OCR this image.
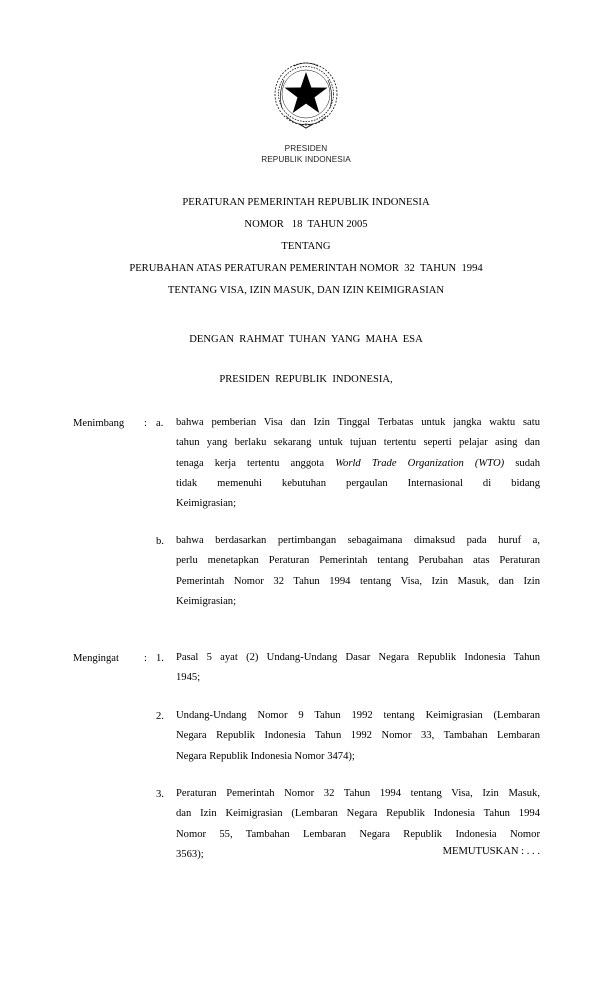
PRESIDEN
REPUBLIK INDONESIA
PERATURAN PEMERINTAH REPUBLIK INDONESIA
NOMOR   18  TAHUN 2005
TENTANG
PERUBAHAN ATAS PERATURAN PEMERINTAH NOMOR  32  TAHUN  1994
TENTANG VISA, IZIN MASUK, DAN IZIN KEIMIGRASIAN
DENGAN  RAHMAT  TUHAN  YANG  MAHA  ESA
PRESIDEN  REPUBLIK  INDONESIA,
Menimbang : a. bahwa pemberian Visa dan Izin Tinggal Terbatas untuk jangka waktu satu
tahun yang berlaku sekarang untuk tujuan tertentu seperti pelajar asing dan
tenaga kerja tertentu anggota World Trade Organization (WTO) sudah
tidak memenuhi kebutuhan pergaulan Internasional di bidang
Keimigrasian;
b. bahwa berdasarkan pertimbangan sebagaimana dimaksud pada huruf a,
perlu menetapkan Peraturan Pemerintah tentang Perubahan atas Peraturan
Pemerintah Nomor 32 Tahun 1994 tentang Visa, Izin Masuk, dan Izin
Keimigrasian;
Mengingat : 1. Pasal 5 ayat (2) Undang-Undang Dasar Negara Republik Indonesia Tahun
1945;
2. Undang-Undang Nomor 9 Tahun 1992 tentang Keimigrasian (Lembaran
Negara Republik Indonesia Tahun 1992 Nomor 33, Tambahan Lembaran
Negara Republik Indonesia Nomor 3474);
3. Peraturan Pemerintah Nomor 32 Tahun 1994 tentang Visa, Izin Masuk,
dan Izin Keimigrasian (Lembaran Negara Republik Indonesia Tahun 1994
Nomor 55, Tambahan Lembaran Negara Republik Indonesia Nomor
3563);	MEMUTUSKAN : . . .
